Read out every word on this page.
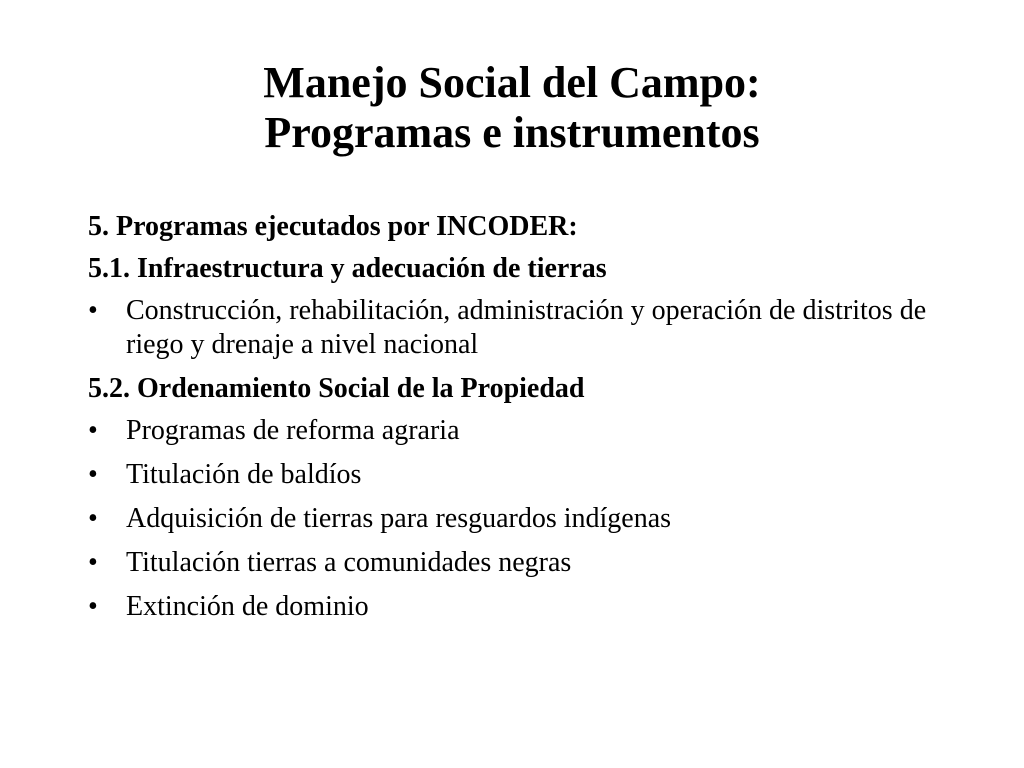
Manejo Social del Campo:
Programas e instrumentos
5. Programas ejecutados por INCODER:
5.1. Infraestructura y adecuación de tierras
• Construcción, rehabilitación, administración y operación de distritos de riego y drenaje a nivel nacional
5.2. Ordenamiento Social de la Propiedad
• Programas de reforma agraria
• Titulación de baldíos
• Adquisición de tierras para resguardos indígenas
• Titulación tierras a comunidades negras
• Extinción de dominio
